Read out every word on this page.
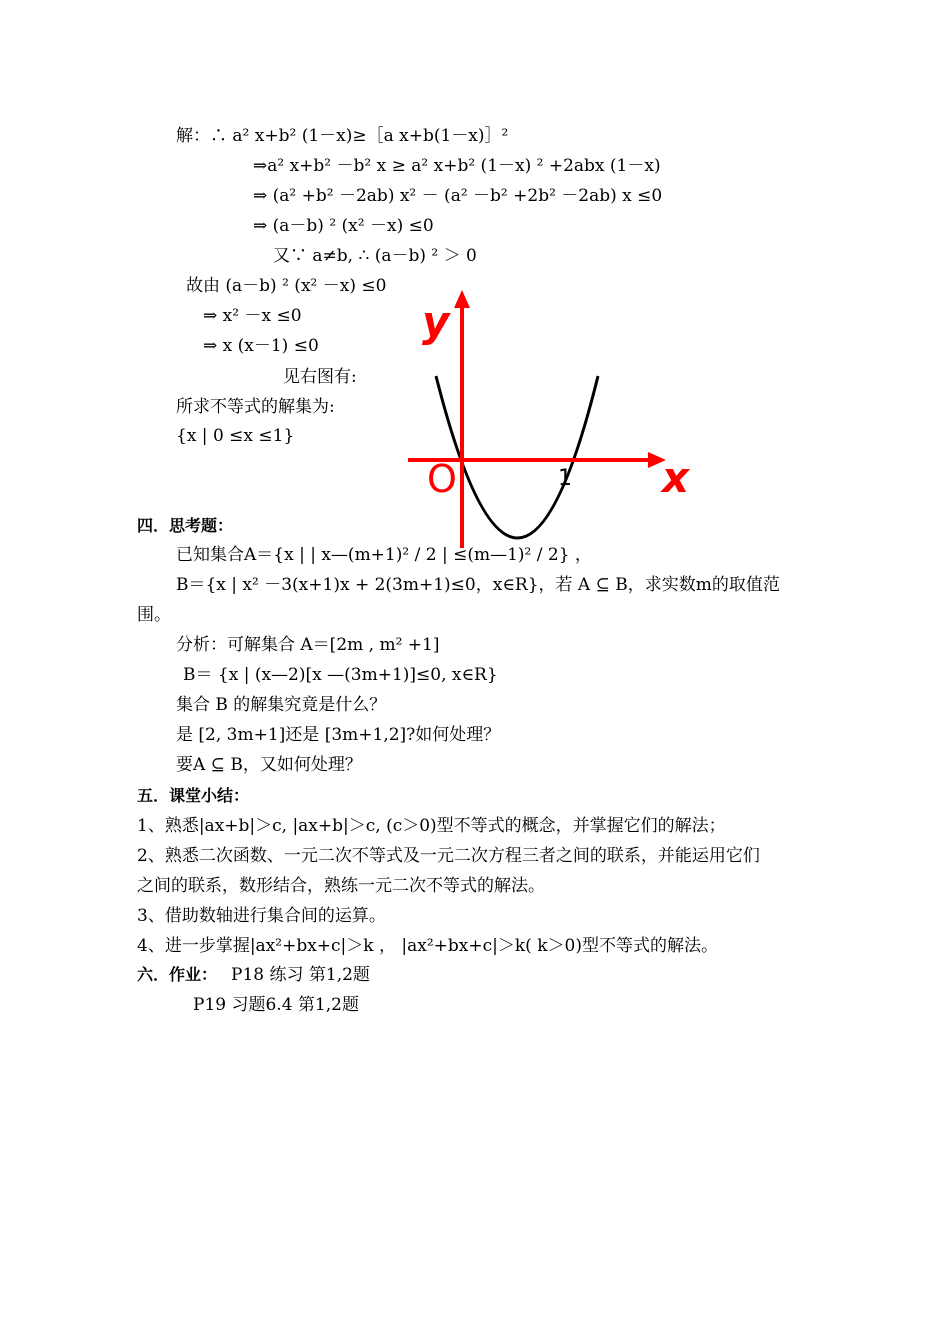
解：∴ a² x+b² (1－x)≥［a x+b(1－x)］²
⇒a² x+b² －b² x ≥ a² x+b² (1－x) ² +2abx (1－x)
⇒ (a² +b² －2ab) x² － (a² －b² +2b² －2ab) x ≤0
⇒ (a－b) ² (x² －x) ≤0
又∵ a≠b, ∴ (a－b) ² ＞ 0
故由 (a－b) ² (x² －x) ≤0
⇒ x² －x ≤0
⇒ x (x－1) ≤0
见右图有:
所求不等式的解集为:
{x | 0 ≤x ≤1}
y
x
O	1
四．思考题：
已知集合A＝{x | | x—(m+1)² / 2 | ≤(m—1)² / 2} ，
B＝{x | x² －3(x+1)x + 2(3m+1)≤0，x∈R}，若 A ⊆ B，求实数m的取值范
围。
分析：可解集合 A＝[2m , m² +1]
B＝ {x | (x—2)[x —(3m+1)]≤0, x∈R}
集合 B 的解集究竟是什么？
是 [2, 3m+1]还是 [3m+1,2]?如何处理？
要A ⊆ B，又如何处理？
五．课堂小结：
1、熟悉|ax+b|＞c, |ax+b|＞c, (c＞0)型不等式的概念，并掌握它们的解法；
2、熟悉二次函数、一元二次不等式及一元二次方程三者之间的联系，并能运用它们
之间的联系，数形结合，熟练一元二次不等式的解法。
3、借助数轴进行集合间的运算。
4、进一步掌握|ax²+bx+c|＞k ， |ax²+bx+c|＞k( k＞0)型不等式的解法。
六．作业： P18 练习 第1,2题
P19 习题6.4 第1,2题
